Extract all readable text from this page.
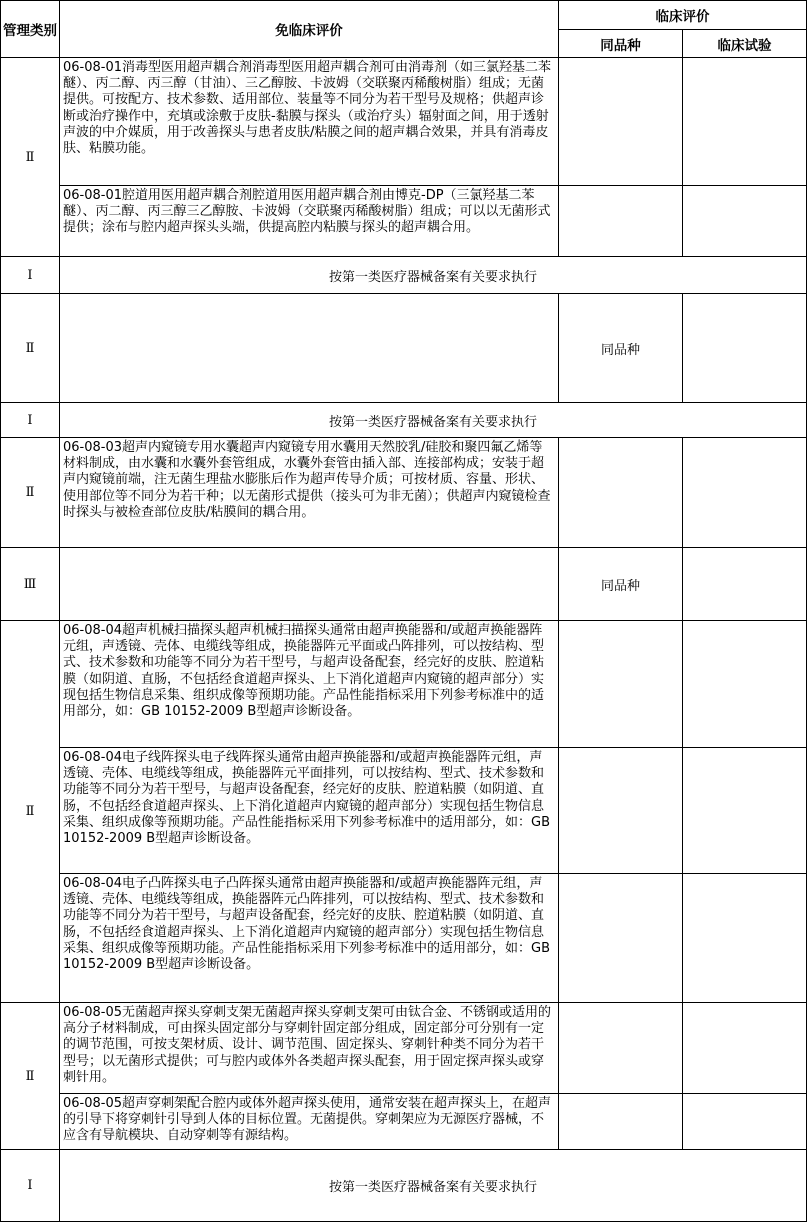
管理类别	免临床评价	临床评价	
		同品种	临床试验
Ⅱ	06-08-01消毒型医用超声耦合剂消毒型医用超声耦合剂可由消毒剂（如三氯羟基二苯醚）、丙二醇、丙三醇（甘油）、三乙醇胺、卡波姆（交联聚丙稀酸树脂）组成；无菌提供。可按配方、技术参数、适用部位、装量等不同分为若干型号及规格；供超声诊断或治疗操作中，充填或涂敷于皮肤-黏膜与探头（或治疗头）辐射面之间，用于透射声波的中介媒质，用于改善探头与患者皮肤/粘膜之间的超声耦合效果，并具有消毒皮肤、粘膜功能。		
	06-08-01腔道用医用超声耦合剂腔道用医用超声耦合剂由博克-DP（三氯羟基二苯醚）、丙二醇、丙三醇三乙醇胺、卡波姆（交联聚丙稀酸树脂）组成；可以以无菌形式提供；涂布与腔内超声探头头端，供提高腔内粘膜与探头的超声耦合用。		
Ⅰ	按第一类医疗器械备案有关要求执行		
Ⅱ		同品种	
Ⅰ	按第一类医疗器械备案有关要求执行		
Ⅱ	06-08-03超声内窥镜专用水囊超声内窥镜专用水囊用天然胶乳/硅胶和聚四氟乙烯等材料制成，由水囊和水囊外套管组成，水囊外套管由插入部、连接部构成；安装于超声内窥镜前端，注无菌生理盐水膨胀后作为超声传导介质；可按材质、容量、形状、使用部位等不同分为若干种；以无菌形式提供（接头可为非无菌）；供超声内窥镜检查时探头与被检查部位皮肤/粘膜间的耦合用。		
Ⅲ		同品种	
Ⅱ	06-08-04超声机械扫描探头超声机械扫描探头通常由超声换能器和/或超声换能器阵元组，声透镜、壳体、电缆线等组成，换能器阵元平面或凸阵排列，可以按结构、型式、技术参数和功能等不同分为若干型号，与超声设备配套，经完好的皮肤、腔道粘膜（如阴道、直肠，不包括经食道超声探头、上下消化道超声内窥镜的超声部分）实现包括生物信息采集、组织成像等预期功能。产品性能指标采用下列参考标准中的适用部分，如：GB 10152-2009 B型超声诊断设备。		
	06-08-04电子线阵探头电子线阵探头通常由超声换能器和/或超声换能器阵元组，声透镜、壳体、电缆线等组成，换能器阵元平面排列，可以按结构、型式、技术参数和功能等不同分为若干型号，与超声设备配套，经完好的皮肤、腔道粘膜（如阴道、直肠，不包括经食道超声探头、上下消化道超声内窥镜的超声部分）实现包括生物信息采集、组织成像等预期功能。产品性能指标采用下列参考标准中的适用部分，如：GB 10152-2009 B型超声诊断设备。		
	06-08-04电子凸阵探头电子凸阵探头通常由超声换能器和/或超声换能器阵元组，声透镜、壳体、电缆线等组成，换能器阵元凸阵排列，可以按结构、型式、技术参数和功能等不同分为若干型号，与超声设备配套，经完好的皮肤、腔道粘膜（如阴道、直肠，不包括经食道超声探头、上下消化道超声内窥镜的超声部分）实现包括生物信息采集、组织成像等预期功能。产品性能指标采用下列参考标准中的适用部分，如：GB 10152-2009 B型超声诊断设备。		
Ⅱ	06-08-05无菌超声探头穿刺支架无菌超声探头穿刺支架可由钛合金、不锈钢或适用的高分子材料制成，可由探头固定部分与穿刺针固定部分组成，固定部分可分别有一定的调节范围，可按支架材质、设计、调节范围、固定探头、穿刺针种类不同分为若干型号；以无菌形式提供；可与腔内或体外各类超声探头配套，用于固定探声探头或穿刺针用。		
	06-08-05超声穿刺架配合腔内或体外超声探头使用，通常安装在超声探头上，在超声的引导下将穿刺针引导到人体的目标位置。无菌提供。穿刺架应为无源医疗器械，不应含有导航模块、自动穿刺等有源结构。		
Ⅰ	按第一类医疗器械备案有关要求执行		
